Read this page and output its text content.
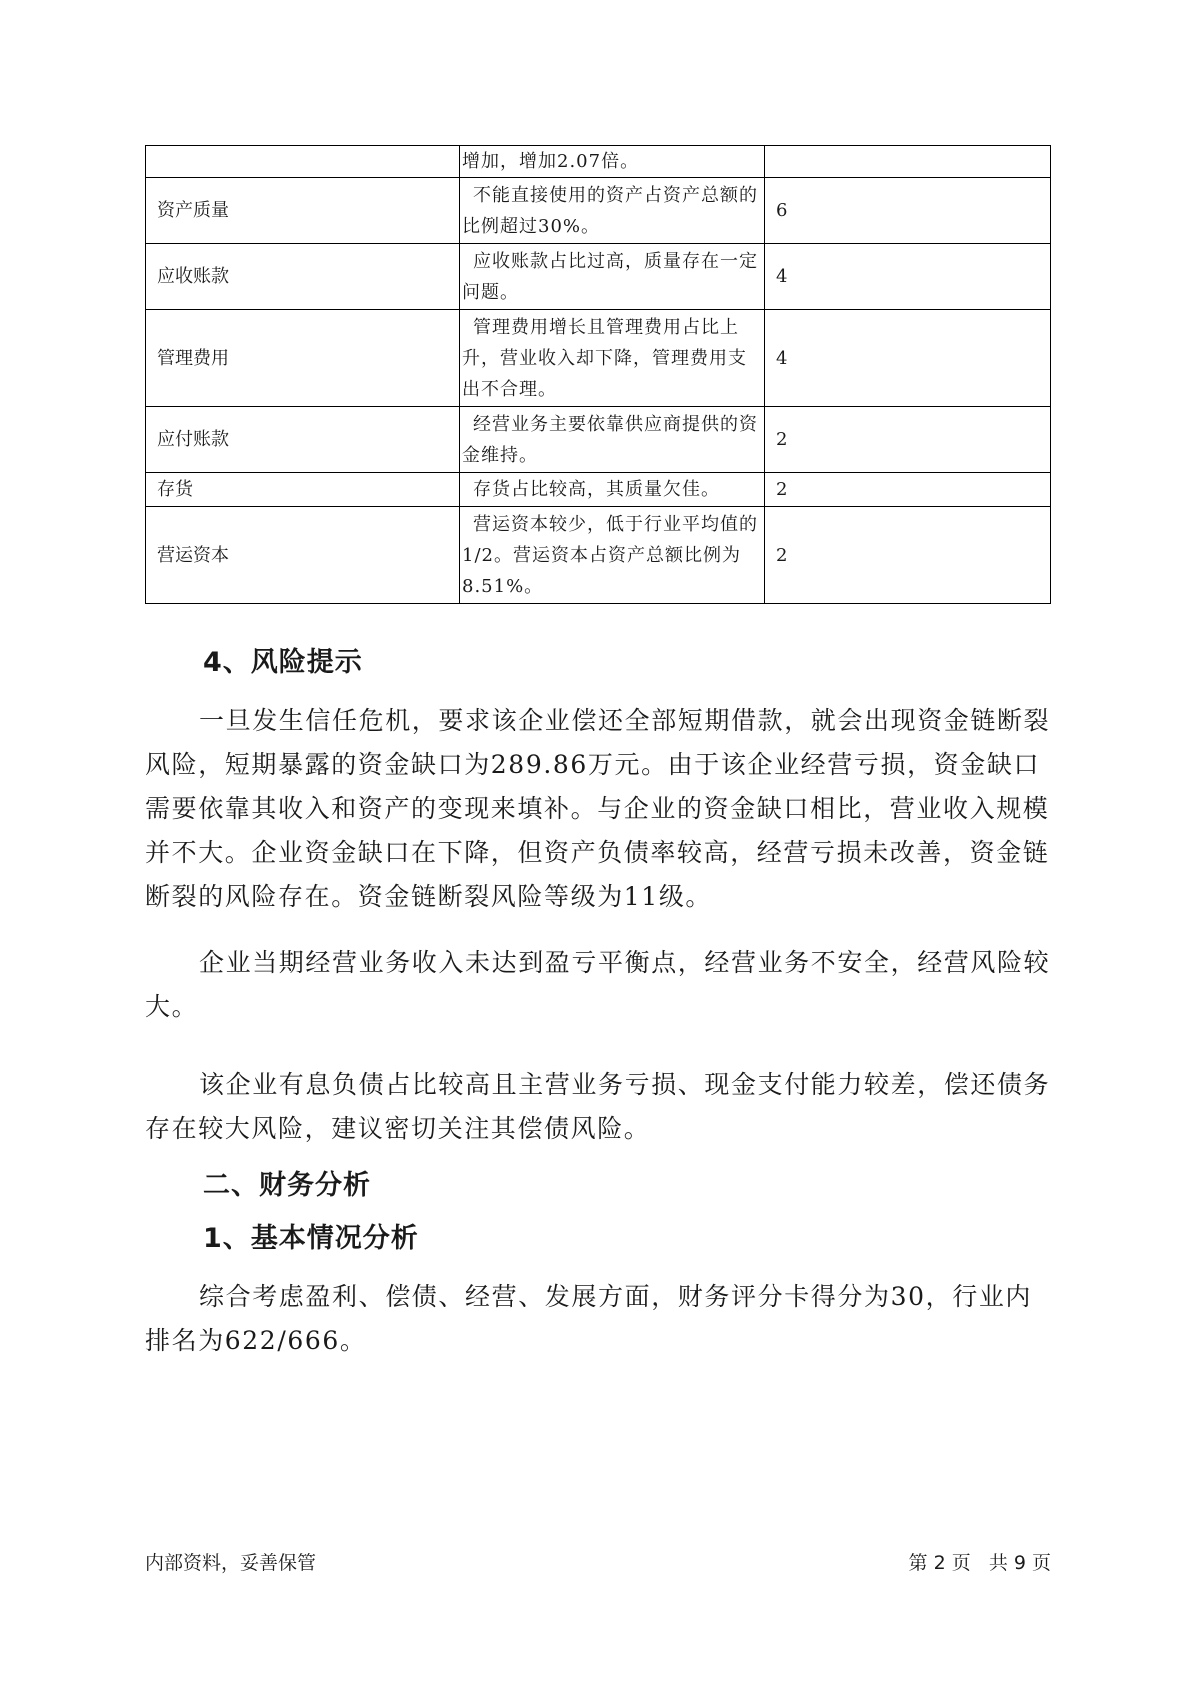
	增加，增加2.07倍。	
资产质量	不能直接使用的资产占资产总额的比例超过30%。	6
应收账款	应收账款占比过高，质量存在一定问题。	4
管理费用	管理费用增长且管理费用占比上升，营业收入却下降，管理费用支出不合理。	4
应付账款	经营业务主要依靠供应商提供的资金维持。	2
存货	存货占比较高，其质量欠佳。	2
营运资本	营运资本较少，低于行业平均值的1/2。营运资本占资产总额比例为8.51%。	2
4、风险提示

一旦发生信任危机，要求该企业偿还全部短期借款，就会出现资金链断裂风险，短期暴露的资金缺口为289.86万元。由于该企业经营亏损，资金缺口需要依靠其收入和资产的变现来填补。与企业的资金缺口相比，营业收入规模并不大。企业资金缺口在下降，但资产负债率较高，经营亏损未改善，资金链断裂的风险存在。资金链断裂风险等级为11级。

企业当期经营业务收入未达到盈亏平衡点，经营业务不安全，经营风险较大。

该企业有息负债占比较高且主营业务亏损、现金支付能力较差，偿还债务存在较大风险，建议密切关注其偿债风险。

二、财务分析
1、基本情况分析

综合考虑盈利、偿债、经营、发展方面，财务评分卡得分为30，行业内排名为622/666。

内部资料，妥善保管	第 2 页   共 9 页
